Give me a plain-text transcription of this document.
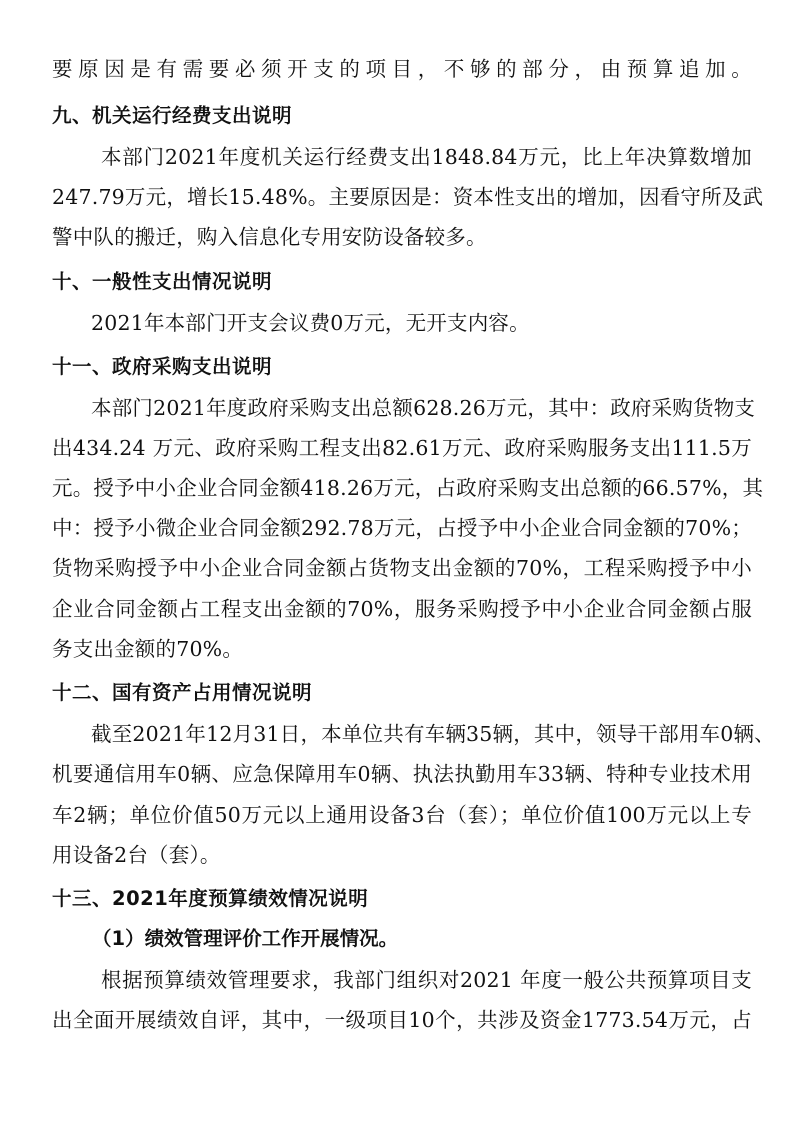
要原因是有需要必须开支的项目，不够的部分，由预算追加。
九、机关运行经费支出说明
本部门2021年度机关运行经费支出1848.84万元，比上年决算数增加
247.79万元，增长15.48%。主要原因是：资本性支出的增加，因看守所及武
警中队的搬迁，购入信息化专用安防设备较多。
十、一般性支出情况说明
2021年本部门开支会议费0万元，无开支内容。
十一、政府采购支出说明
本部门2021年度政府采购支出总额628.26万元，其中：政府采购货物支
出434.24 万元、政府采购工程支出82.61万元、政府采购服务支出111.5万
元。授予中小企业合同金额418.26万元，占政府采购支出总额的66.57%，其
中：授予小微企业合同金额292.78万元，占授予中小企业合同金额的70%；
货物采购授予中小企业合同金额占货物支出金额的70%，工程采购授予中小
企业合同金额占工程支出金额的70%，服务采购授予中小企业合同金额占服
务支出金额的70%。
十二、国有资产占用情况说明
截至2021年12月31日，本单位共有车辆35辆，其中，领导干部用车0辆、
机要通信用车0辆、应急保障用车0辆、执法执勤用车33辆、特种专业技术用
车2辆；单位价值50万元以上通用设备3台（套）；单位价值100万元以上专
用设备2台（套）。
十三、2021年度预算绩效情况说明
（1）绩效管理评价工作开展情况。
根据预算绩效管理要求，我部门组织对2021 年度一般公共预算项目支
出全面开展绩效自评，其中，一级项目10个，共涉及资金1773.54万元，占
